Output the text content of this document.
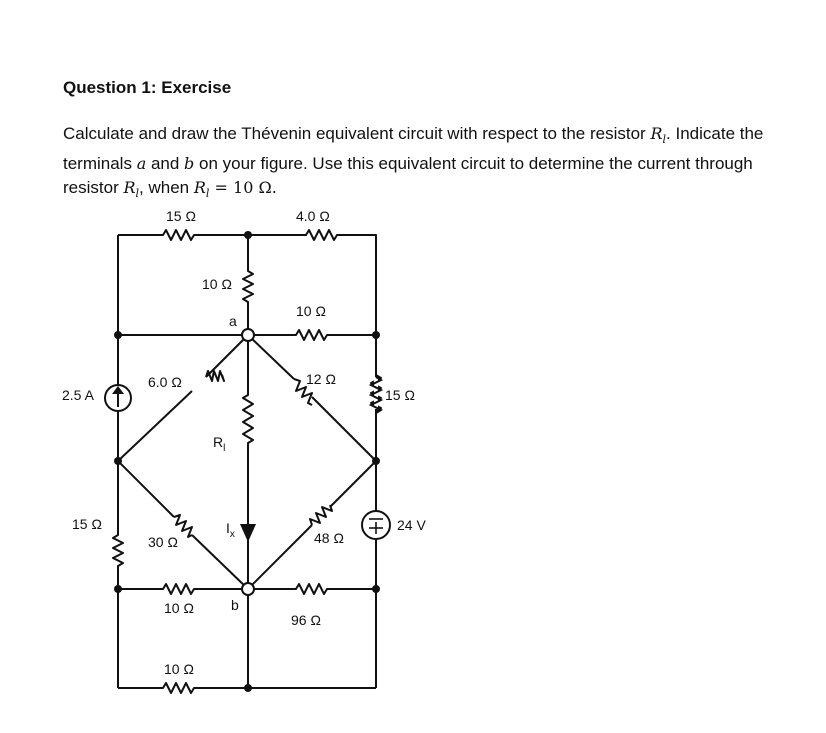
Question 1: Exercise

Calculate and draw the Thévenin equivalent circuit with respect to the resistor $R_l$. Indicate the

terminals a and b on your figure. Use this equivalent circuit to determine the current through

resistor $R_l$, when $R_l = 10$ Ω.

15 Ω	4.0 Ω
10 Ω
10 Ω
a
6.0 Ω	12 Ω
15 Ω
2.5 A
$R_l$
$I_x$
15 Ω
30 Ω	48 Ω
24 V
10 Ω	b
96 Ω
10 Ω
